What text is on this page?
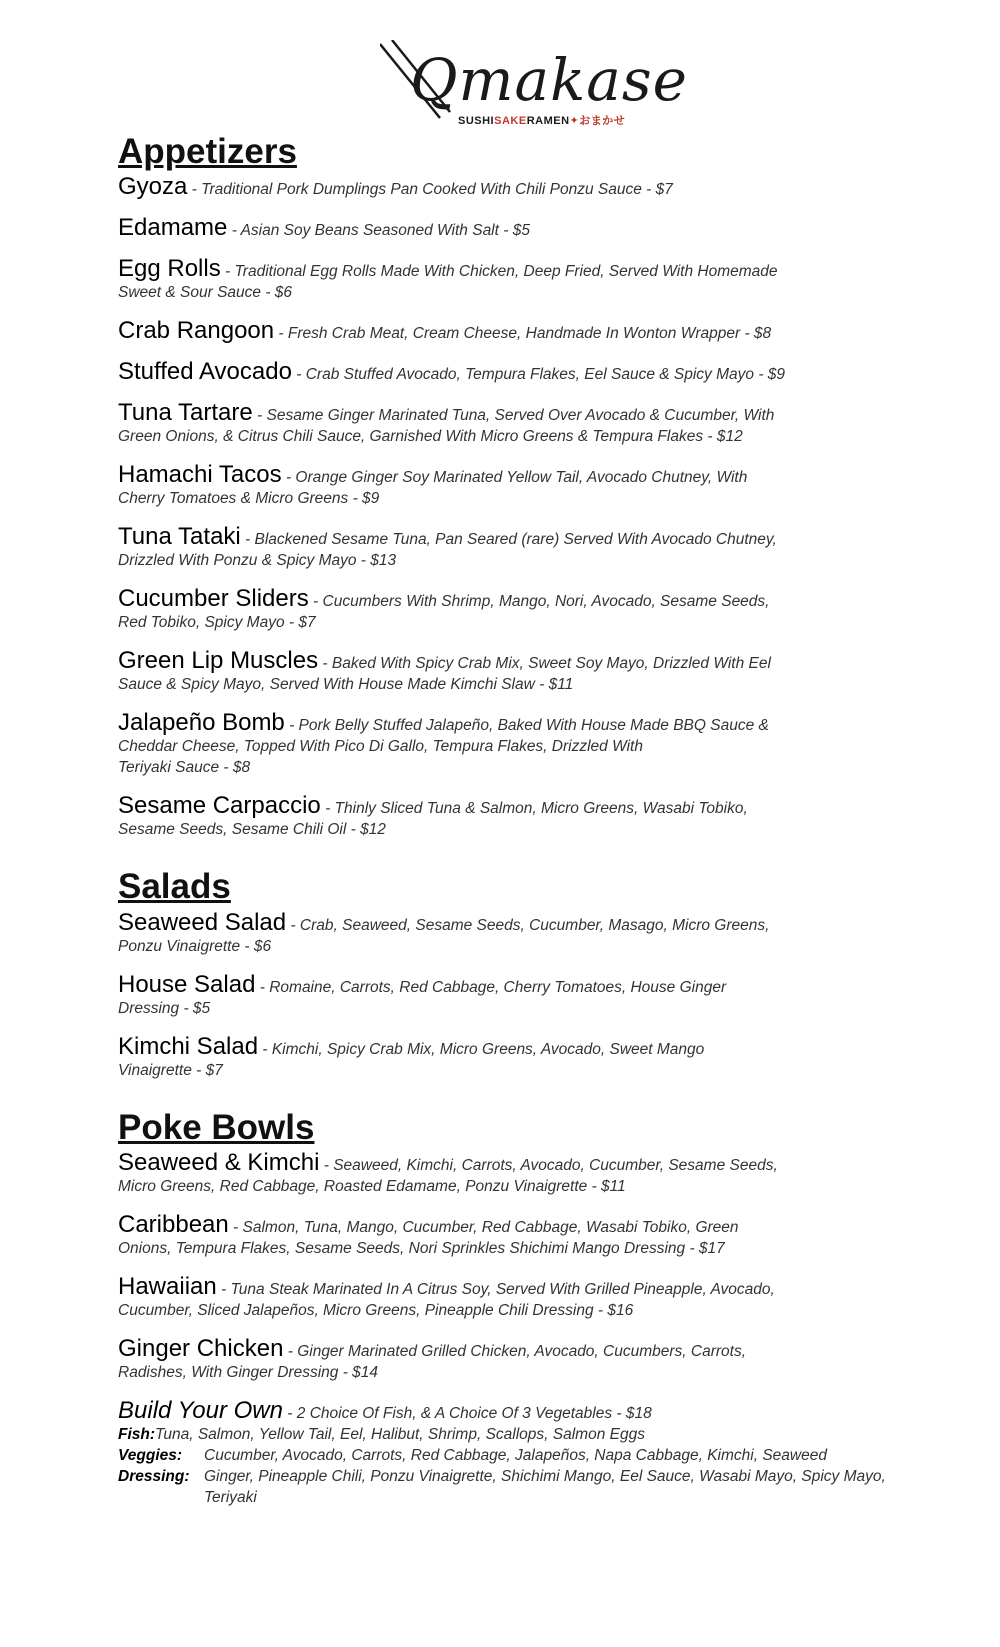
Qmakase
SUSHISAKERAMEN✦おまかせ
Appetizers
Gyoza - Traditional Pork Dumplings Pan Cooked With Chili Ponzu Sauce - $7
Edamame - Asian Soy Beans Seasoned With Salt - $5
Egg Rolls - Traditional Egg Rolls Made With Chicken, Deep Fried, Served With Homemade
Sweet & Sour Sauce - $6
Crab Rangoon - Fresh Crab Meat, Cream Cheese, Handmade In Wonton Wrapper - $8
Stuffed Avocado - Crab Stuffed Avocado, Tempura Flakes, Eel Sauce & Spicy Mayo - $9
Tuna Tartare - Sesame Ginger Marinated Tuna, Served Over Avocado & Cucumber, With
Green Onions, & Citrus Chili Sauce, Garnished With Micro Greens & Tempura Flakes - $12
Hamachi Tacos - Orange Ginger Soy Marinated Yellow Tail, Avocado Chutney, With
Cherry Tomatoes & Micro Greens - $9
Tuna Tataki - Blackened Sesame Tuna, Pan Seared (rare) Served With Avocado Chutney,
Drizzled With Ponzu & Spicy Mayo - $13
Cucumber Sliders - Cucumbers With Shrimp, Mango, Nori, Avocado, Sesame Seeds,
Red Tobiko, Spicy Mayo - $7
Green Lip Muscles - Baked With Spicy Crab Mix, Sweet Soy Mayo, Drizzled With Eel
Sauce & Spicy Mayo, Served With House Made Kimchi Slaw - $11
Jalapeño Bomb - Pork Belly Stuffed Jalapeño, Baked With House Made BBQ Sauce &
Cheddar Cheese, Topped With Pico Di Gallo, Tempura Flakes, Drizzled With
Teriyaki Sauce - $8
Sesame Carpaccio - Thinly Sliced Tuna & Salmon, Micro Greens, Wasabi Tobiko,
Sesame Seeds, Sesame Chili Oil - $12
Salads
Seaweed Salad - Crab, Seaweed, Sesame Seeds, Cucumber, Masago, Micro Greens,
Ponzu Vinaigrette - $6
House Salad - Romaine, Carrots, Red Cabbage, Cherry Tomatoes, House Ginger
Dressing - $5
Kimchi Salad - Kimchi, Spicy Crab Mix, Micro Greens, Avocado, Sweet Mango
Vinaigrette - $7
Poke Bowls
Seaweed & Kimchi - Seaweed, Kimchi, Carrots, Avocado, Cucumber, Sesame Seeds,
Micro Greens, Red Cabbage, Roasted Edamame, Ponzu Vinaigrette - $11
Caribbean - Salmon, Tuna, Mango, Cucumber, Red Cabbage, Wasabi Tobiko, Green
Onions, Tempura Flakes, Sesame Seeds, Nori Sprinkles Shichimi Mango Dressing - $17
Hawaiian - Tuna Steak Marinated In A Citrus Soy, Served With Grilled Pineapple, Avocado,
Cucumber, Sliced Jalapeños, Micro Greens, Pineapple Chili Dressing - $16
Ginger Chicken - Ginger Marinated Grilled Chicken, Avocado, Cucumbers, Carrots,
Radishes, With Ginger Dressing - $14
Build Your Own - 2 Choice Of Fish, & A Choice Of 3 Vegetables - $18
Fish: Tuna, Salmon, Yellow Tail, Eel, Halibut, Shrimp, Scallops, Salmon Eggs
Veggies:	Cucumber, Avocado, Carrots, Red Cabbage, Jalapeños, Napa Cabbage, Kimchi, Seaweed
Dressing: Ginger, Pineapple Chili, Ponzu Vinaigrette, Shichimi Mango, Eel Sauce, Wasabi Mayo, Spicy Mayo, Teriyaki
